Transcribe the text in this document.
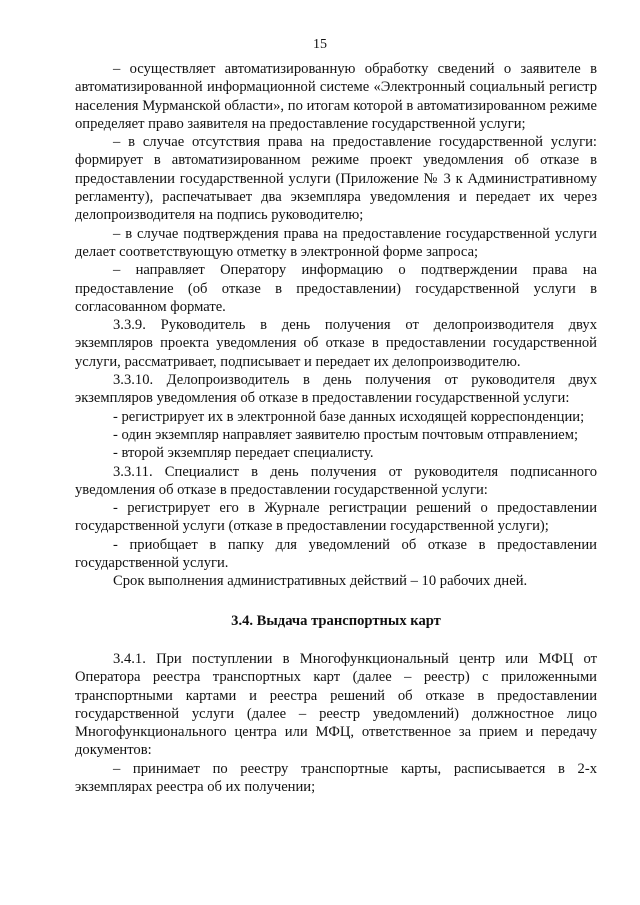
15

– осуществляет автоматизированную обработку сведений о заявителе в автоматизированной информационной системе «Электронный социальный регистр населения Мурманской области», по итогам которой в автоматизированном режиме определяет право заявителя на предоставление государственной услуги;

– в случае отсутствия права на предоставление государственной услуги: формирует в автоматизированном режиме проект уведомления об отказе в предоставлении государственной услуги (Приложение № 3 к Административному регламенту), распечатывает два экземпляра уведомления и передает их через делопроизводителя на подпись руководителю;

– в случае подтверждения права на предоставление государственной услуги делает соответствующую отметку в электронной форме запроса;

– направляет Оператору информацию о подтверждении права на предоставление (об отказе в предоставлении) государственной услуги в согласованном формате.

3.3.9. Руководитель в день получения от делопроизводителя двух экземпляров проекта уведомления об отказе в предоставлении государственной услуги, рассматривает, подписывает и передает их делопроизводителю.

3.3.10. Делопроизводитель в день получения от руководителя двух экземпляров уведомления об отказе в предоставлении государственной услуги:

- регистрирует их в электронной базе данных исходящей корреспонденции;

- один экземпляр направляет заявителю простым почтовым отправлением;

- второй экземпляр передает специалисту.

3.3.11. Специалист в день получения от руководителя подписанного уведомления об отказе в предоставлении государственной услуги:

- регистрирует его в Журнале регистрации решений о предоставлении государственной услуги (отказе в предоставлении государственной услуги);

- приобщает в папку для уведомлений об отказе в предоставлении государственной услуги.

Срок выполнения административных действий – 10 рабочих дней.

3.4. Выдача транспортных карт

3.4.1. При поступлении в Многофункциональный центр или МФЦ от Оператора реестра транспортных карт (далее – реестр) с приложенными транспортными картами и реестра решений об отказе в предоставлении государственной услуги (далее – реестр уведомлений) должностное лицо Многофункционального центра или МФЦ, ответственное за прием и передачу документов:

– принимает по реестру транспортные карты, расписывается в 2-х экземплярах реестра об их получении;
